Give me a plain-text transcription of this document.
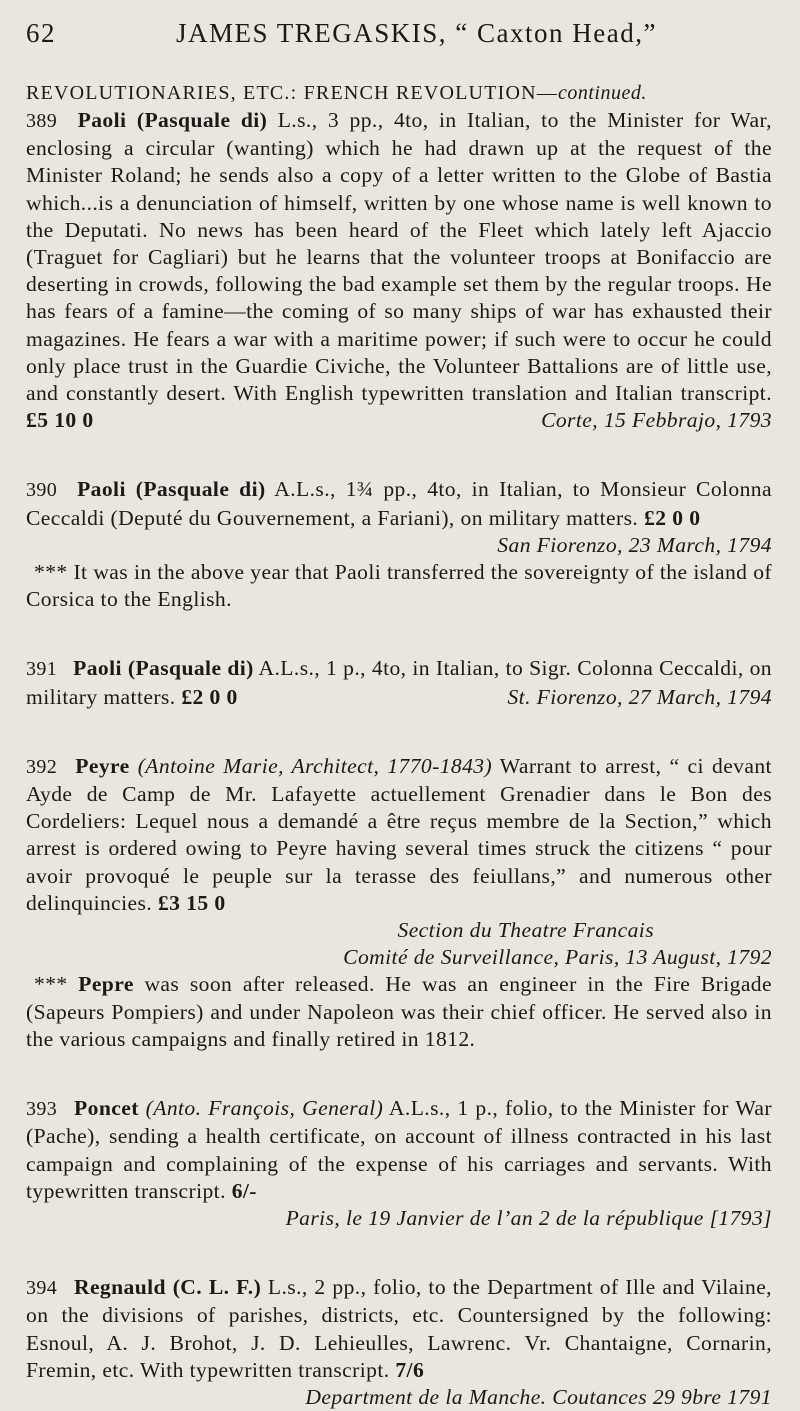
62	JAMES TREGASKIS, “ Caxton Head,”
REVOLUTIONARIES, ETC.: FRENCH REVOLUTION—continued.

389 Paoli (Pasquale di) L.s., 3 pp., 4to, in Italian, to the Minister for War, enclosing a circular (wanting) which he had drawn up at the request of the Minister Roland; he sends also a copy of a letter written to the Globe of Bastia which...is a denunciation of himself, written by one whose name is well known to the Deputati. No news has been heard of the Fleet which lately left Ajaccio (Traguet for Cagliari) but he learns that the volunteer troops at Bonifaccio are deserting in crowds, following the bad example set them by the regular troops. He has fears of a famine—the coming of so many ships of war has exhausted their magazines. He fears a war with a maritime power; if such were to occur he could only place trust in the Guardie Civiche, the Volunteer Battalions are of little use, and constantly desert. With English typewritten translation and Italian transcript. £5 10 0	Corte, 15 Febbrajo, 1793

390 Paoli (Pasquale di) A.L.s., 1¾ pp., 4to, in Italian, to Monsieur Colonna Ceccaldi (Deputé du Gouvernement, a Fariani), on military matters. £2 0 0
San Fiorenzo, 23 March, 1794

*** It was in the above year that Paoli transferred the sovereignty of the island of Corsica to the English.

391 Paoli (Pasquale di) A.L.s., 1 p., 4to, in Italian, to Sigr. Colonna Ceccaldi, on military matters. £2 0 0	St. Fiorenzo, 27 March, 1794

392 Peyre (Antoine Marie, Architect, 1770-1843) Warrant to arrest, “ ci devant Ayde de Camp de Mr. Lafayette actuellement Grenadier dans le Bon des Cordeliers: Lequel nous a demandé a être reçus membre de la Section,” which arrest is ordered owing to Peyre having several times struck the citizens “ pour avoir provoqué le peuple sur la terasse des feiullans,” and numerous other delinquincies. £3 15 0

Section du Theatre Francais
Comité de Surveillance, Paris, 13 August, 1792

*** Pepre was soon after released. He was an engineer in the Fire Brigade (Sapeurs Pompiers) and under Napoleon was their chief officer. He served also in the various campaigns and finally retired in 1812.

393 Poncet (Anto. François, General) A.L.s., 1 p., folio, to the Minister for War (Pache), sending a health certificate, on account of illness contracted in his last campaign and complaining of the expense of his carriages and servants. With typewritten transcript. 6/-

Paris, le 19 Janvier de l’an 2 de la république [1793]

394 Regnauld (C. L. F.) L.s., 2 pp., folio, to the Department of Ille and Vilaine, on the divisions of parishes, districts, etc. Countersigned by the following: Esnoul, A. J. Brohot, J. D. Lehieulles, Lawrenc. Vr. Chantaigne, Cornarin, Fremin, etc. With typewritten transcript. 7/6

Department de la Manche. Coutances 29 9bre 1791
